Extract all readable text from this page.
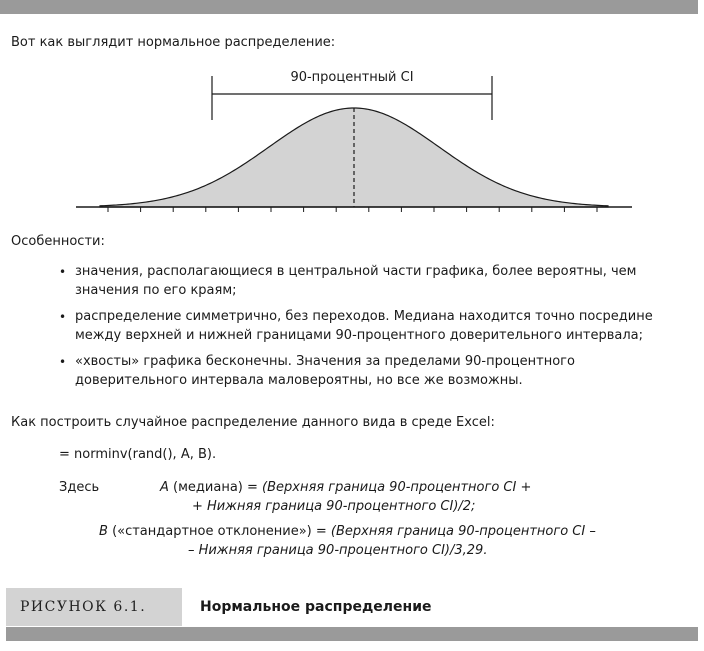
Вот как выглядит нормальное распределение:
90-процентный CI
Особенности:
• значения, располагающиеся в центральной части графика, более вероятны, чем
значения по его краям;
• распределение симметрично, без переходов. Медиана находится точно посредине
между верхней и нижней границами 90-процентного доверительного интервала;
• «хвосты» графика бесконечны. Значения за пределами 90-процентного
доверительного интервала маловероятны, но все же возможны.
Как построить случайное распределение данного вида в среде Excel:
= norminv(rand(), A, B).
Здесь	A (медиана) = (Верхняя граница 90-процентного CI +
+ Нижняя граница 90-процентного CI)/2;
B («стандартное отклонение») = (Верхняя граница 90-процентного CI –
– Нижняя граница 90-процентного CI)/3,29.
РИСУНОК 6.1.	Нормальное распределение
